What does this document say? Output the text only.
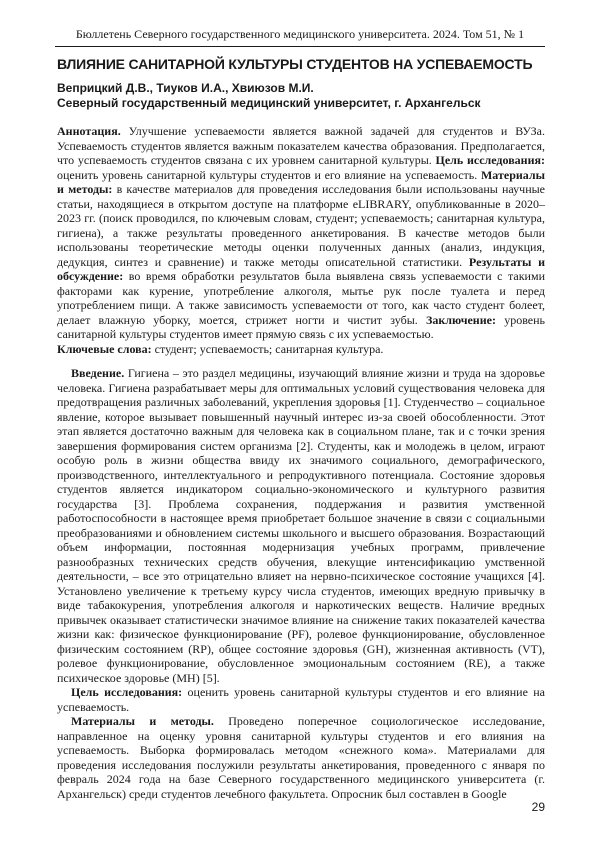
Бюллетень Северного государственного медицинского университета. 2024. Том 51, № 1
ВЛИЯНИЕ САНИТАРНОЙ КУЛЬТУРЫ СТУДЕНТОВ НА УСПЕВАЕМОСТЬ
Веприцкий Д.В., Тиуков И.А., Хвиюзов М.И.
Северный государственный медицинский университет, г. Архангельск

Аннотация. Улучшение успеваемости является важной задачей для студентов и ВУЗа. Успеваемость студентов является важным показателем качества образования. Предполагается, что успеваемость студентов связана с их уровнем санитарной культуры. Цель исследования: оценить уровень санитарной культуры студентов и его влияние на успеваемость. Материалы и методы: в качестве материалов для проведения исследования были использованы научные статьи, находящиеся в открытом доступе на платформе eLIBRARY, опубликованные в 2020–2023 гг. (поиск проводился, по ключевым словам, студент; успеваемость; санитарная культура, гигиена), а также результаты проведенного анкетирования. В качестве методов были использованы теоретические методы оценки полученных данных (анализ, индукция, дедукция, синтез и сравнение) и также методы описательной статистики. Результаты и обсуждение: во время обработки результатов была выявлена связь успеваемости с такими факторами как курение, употребление алкоголя, мытье рук после туалета и перед употреблением пищи. А также зависимость успеваемости от того, как часто студент болеет, делает влажную уборку, моется, стрижет ногти и чистит зубы. Заключение: уровень санитарной культуры студентов имеет прямую связь с их успеваемостью.

Ключевые слова: студент; успеваемость; санитарная культура.

Введение. Гигиена – это раздел медицины, изучающий влияние жизни и труда на здоровье человека. Гигиена разрабатывает меры для оптимальных условий существования человека для предотвращения различных заболеваний, укрепления здоровья [1]. Студенчество – социальное явление, которое вызывает повышенный научный интерес из-за своей обособленности. Этот этап является достаточно важным для человека как в социальном плане, так и с точки зрения завершения формирования систем организма [2]. Студенты, как и молодежь в целом, играют особую роль в жизни общества ввиду их значимого социального, демографического, производственного, интеллектуального и репродуктивного потенциала. Состояние здоровья студентов является индикатором социально-экономического и культурного развития государства [3]. Проблема сохранения, поддержания и развития умственной работоспособности в настоящее время приобретает большое значение в связи с социальными преобразованиями и обновлением системы школьного и высшего образования. Возрастающий объем информации, постоянная модернизация учебных программ, привлечение разнообразных технических средств обучения, влекущие интенсификацию умственной деятельности, – все это отрицательно влияет на нервно-психическое состояние учащихся [4]. Установлено увеличение к третьему курсу числа студентов, имеющих вредную привычку в виде табакокурения, употребления алкоголя и наркотических веществ. Наличие вредных привычек оказывает статистически значимое влияние на снижение таких показателей качества жизни как: физическое функционирование (PF), ролевое функционирование, обусловленное физическим состоянием (RP), общее состояние здоровья (GH), жизненная активность (VT), ролевое функционирование, обусловленное эмоциональным состоянием (RE), а также психическое здоровье (MH) [5].

Цель исследования: оценить уровень санитарной культуры студентов и его влияние на успеваемость.

Материалы и методы. Проведено поперечное социологическое исследование, направленное на оценку уровня санитарной культуры студентов и его влияния на успеваемость. Выборка формировалась методом «снежного кома». Материалами для проведения исследования послужили результаты анкетирования, проведенного с января по февраль 2024 года на базе Северного государственного медицинского университета (г. Архангельск) среди студентов лечебного факультета. Опросник был составлен в Google

29
